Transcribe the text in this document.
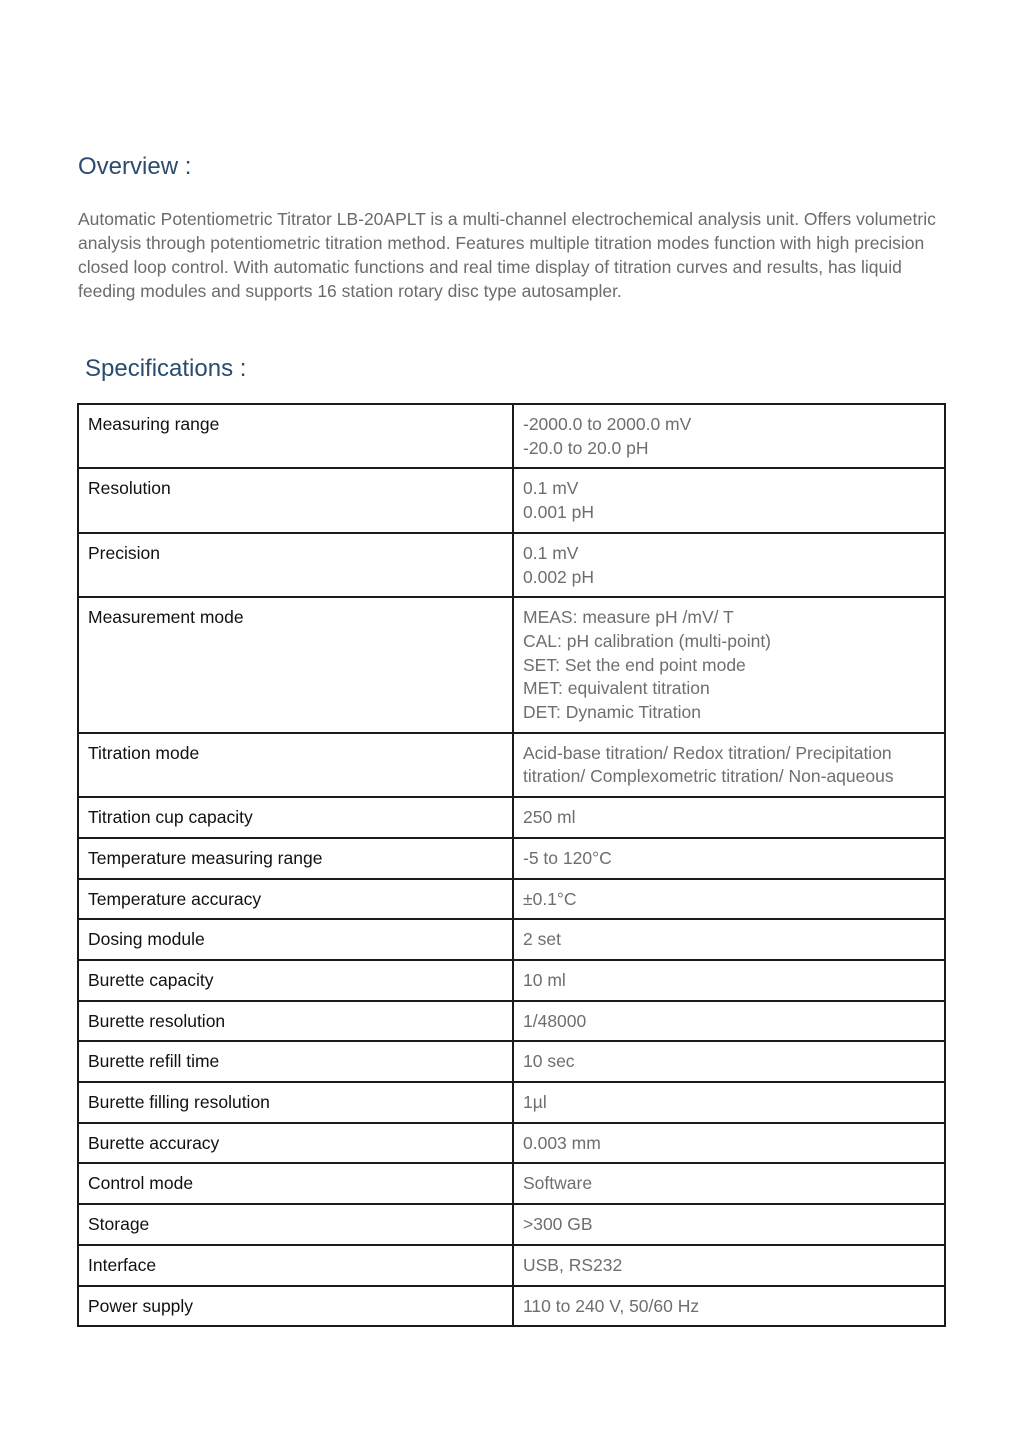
Overview :

Automatic Potentiometric Titrator LB-20APLT is a multi-channel electrochemical analysis unit. Offers volumetric analysis through potentiometric titration method. Features multiple titration modes function with high precision closed loop control. With automatic functions and real time display of titration curves and results, has liquid feeding modules and supports 16 station rotary disc type autosampler.

Specifications :
Measuring range	-2000.0 to 2000.0 mV
-20.0 to 20.0 pH

Resolution	0.1 mV
0.001 pH

Precision	0.1 mV
0.002 pH

Measurement mode	MEAS: measure pH /mV/ T
CAL: pH calibration (multi-point)
SET: Set the end point mode
MET: equivalent titration
DET: Dynamic Titration

Titration mode	Acid-base titration/ Redox titration/ Precipitation titration/ Complexometric titration/ Non-aqueous

Titration cup capacity	250 ml

Temperature measuring range	-5 to 120°C

Temperature accuracy	±0.1°C

Dosing module	2 set

Burette capacity	10 ml

Burette resolution	1/48000

Burette refill time	10 sec

Burette filling resolution	1µl

Burette accuracy	0.003 mm

Control mode	Software

Storage	>300 GB

Interface	USB, RS232

Power supply	110 to 240 V, 50/60 Hz
